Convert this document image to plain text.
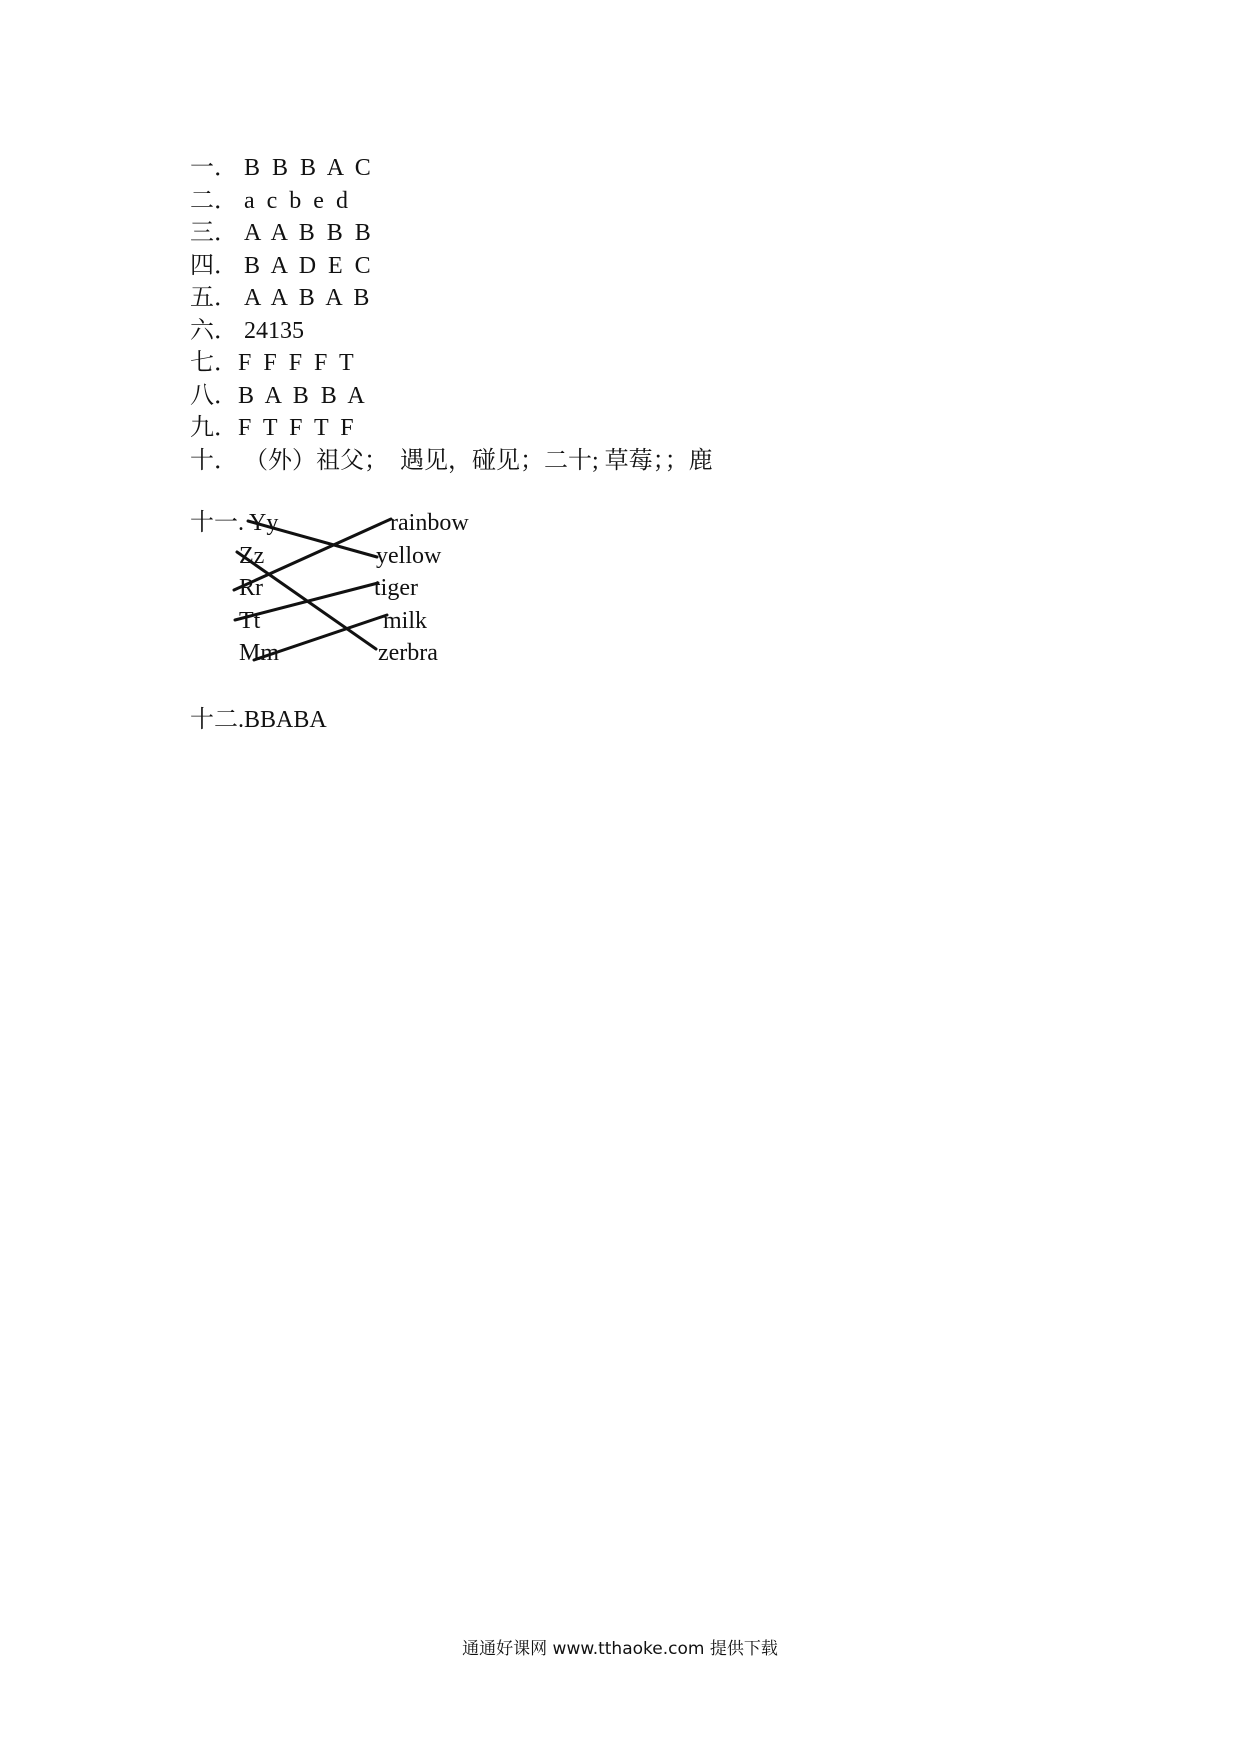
一． B B B A C
二． a c b e d
三． A A B B B
四． B A D E C
五． A A B A B
六． 24135
七．F F F F T
八．B A B B A
九．F T F T F
十． （外）祖父；  遇见，碰见；二十; 草莓；；鹿
十一. Yy
Zz
Rr
Tt
Mm
rainbow
yellow
tiger
milk
zerbra
十二.BBABA
通通好课网 www.tthaoke.com 提供下载
